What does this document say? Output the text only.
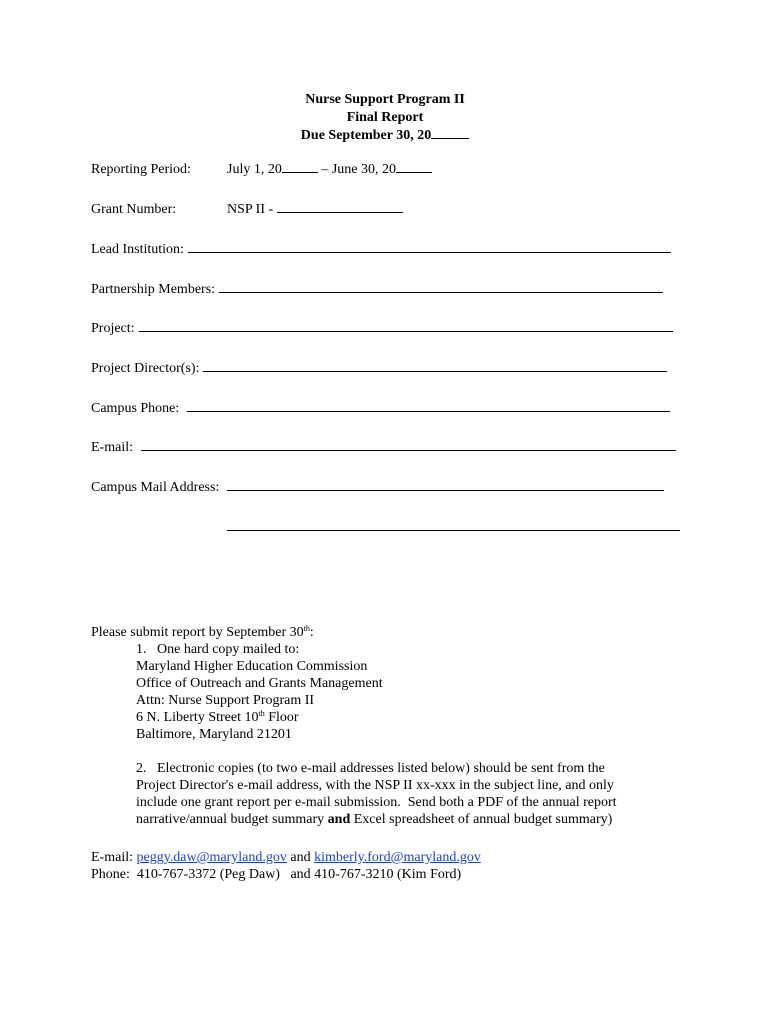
Nurse Support Program II
Final Report
Due September 30, 20
Reporting Period:	July 1, 20	– June 30, 20
Grant Number:	NSP II -
Lead Institution:
Partnership Members:
Project:
Project Director(s):
Campus Phone:
E-mail:
Campus Mail Address:
Please submit report by September 30th:
1.   One hard copy mailed to:
Maryland Higher Education Commission
Office of Outreach and Grants Management
Attn: Nurse Support Program II
6 N. Liberty Street 10th Floor
Baltimore, Maryland 21201
2.   Electronic copies (to two e-mail addresses listed below) should be sent from the
Project Director's e-mail address, with the NSP II xx-xxx in the subject line, and only
include one grant report per e-mail submission.  Send both a PDF of the annual report
narrative/annual budget summary and Excel spreadsheet of annual budget summary)
E-mail: peggy.daw@maryland.gov and kimberly.ford@maryland.gov
Phone:  410-767-3372 (Peg Daw)   and 410-767-3210 (Kim Ford)
